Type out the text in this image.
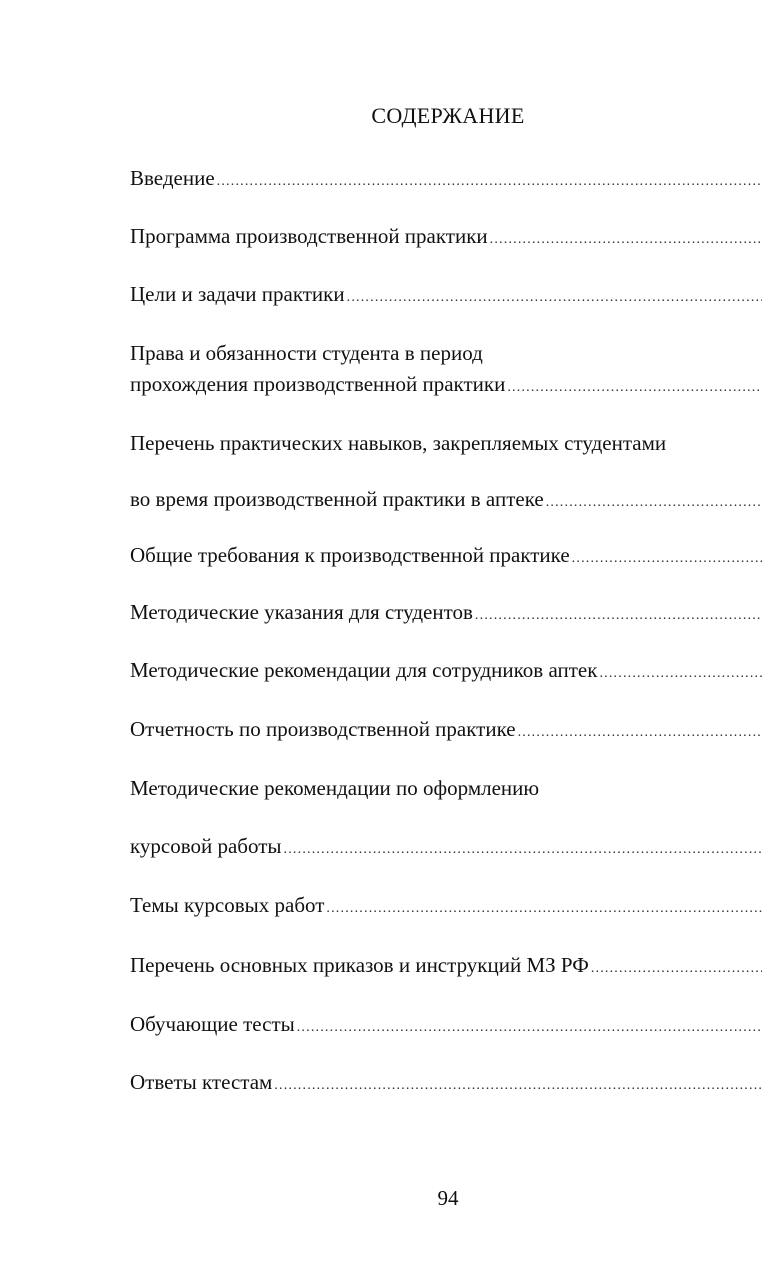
СОДЕРЖАНИЕ
Введение
.....
Программа производственной практики
.....
Цели и задачи практики
.....
Права и обязанности студента в период
прохождения производственной практики
.....
Перечень практических навыков, закрепляемых студентами
во время производственной практики в аптеке
.....
Общие требования к производственной практике
.....
Методические указания для студентов
.....
Методические рекомендации для сотрудников аптек
.....
Отчетность по производственной практике
.....
Методические рекомендации по оформлению
курсовой работы
.....
Темы курсовых работ
.....
Перечень основных приказов и инструкций МЗ РФ
.....
Обучающие тесты
.....
Ответы ктестам
.....
94
